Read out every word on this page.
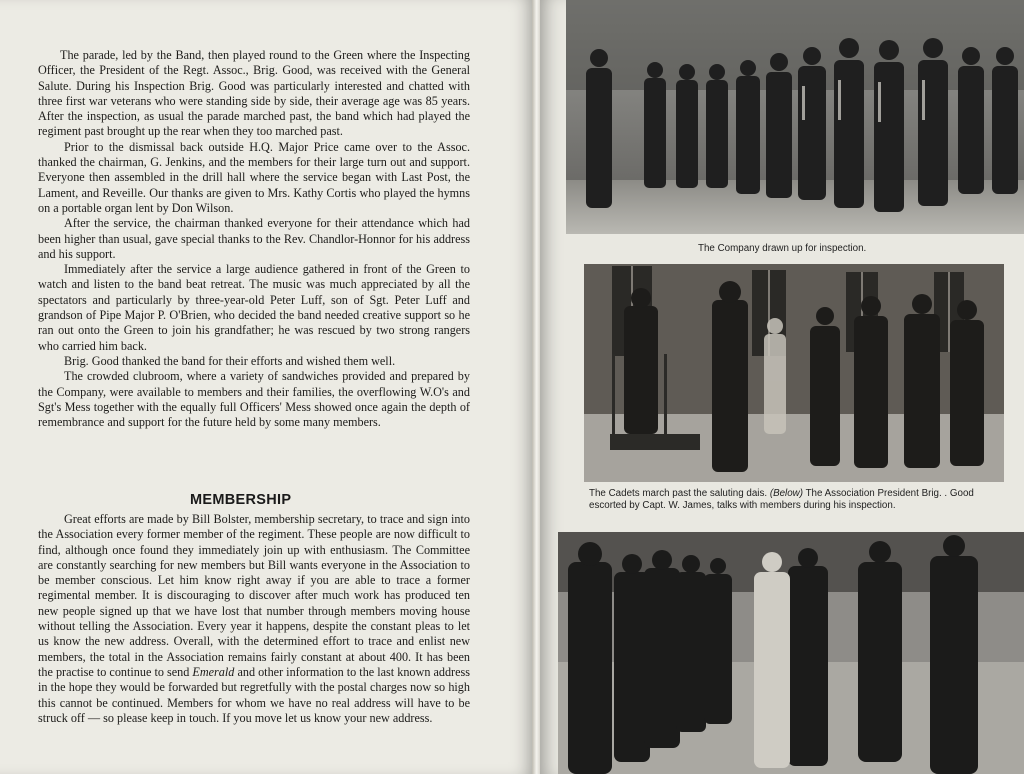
The parade, led by the Band, then played round to the Green where the Inspecting Officer, the President of the Regt. Assoc., Brig. Good, was received with the General Salute. During his Inspection Brig. Good was particularly interested and chatted with three first war veterans who were standing side by side, their average age was 85 years. After the inspection, as usual the parade marched past, the band which had played the regiment past brought up the rear when they too marched past.

Prior to the dismissal back outside H.Q. Major Price came over to the Assoc. thanked the chairman, G. Jenkins, and the members for their large turn out and support. Everyone then assembled in the drill hall where the service began with Last Post, the Lament, and Reveille. Our thanks are given to Mrs. Kathy Cortis who played the hymns on a portable organ lent by Don Wilson.

After the service, the chairman thanked everyone for their attendance which had been higher than usual, gave special thanks to the Rev. Chandlor-Honnor for his address and his support.

Immediately after the service a large audience gathered in front of the Green to watch and listen to the band beat retreat. The music was much appreciated by all the spectators and particularly by three-year-old Peter Luff, son of Sgt. Peter Luff and grandson of Pipe Major P. O'Brien, who decided the band needed creative support so he ran out onto the Green to join his grandfather; he was rescued by two strong rangers who carried him back.

Brig. Good thanked the band for their efforts and wished them well.

The crowded clubroom, where a variety of sandwiches provided and prepared by the Company, were available to members and their families, the overflowing W.O's and Sgt's Mess together with the equally full Officers' Mess showed once again the depth of remembrance and support for the future held by some many members.

MEMBERSHIP

Great efforts are made by Bill Bolster, membership secretary, to trace and sign into the Association every former member of the regiment. These people are now difficult to find, although once found they immediately join up with enthusiasm. The Committee are constantly searching for new members but Bill wants everyone in the Association to be member conscious. Let him know right away if you are able to trace a former regimental member. It is discouraging to discover after much work has produced ten new people signed up that we have lost that number through members moving house without telling the Association. Every year it happens, despite the constant pleas to let us know the new address. Overall, with the determined effort to trace and enlist new members, the total in the Association remains fairly constant at about 400. It has been the practise to continue to send Emerald and other information to the last known address in the hope they would be forwarded but regretfully with the postal charges now so high this cannot be continued. Members for whom we have no real address will have to be struck off — so please keep in touch. If you move let us know your new address.

The Company drawn up for inspection.
The Cadets march past the saluting dais. (Below) The Association President Brig. . Good escorted by Capt. W. James, talks with members during his inspection.
